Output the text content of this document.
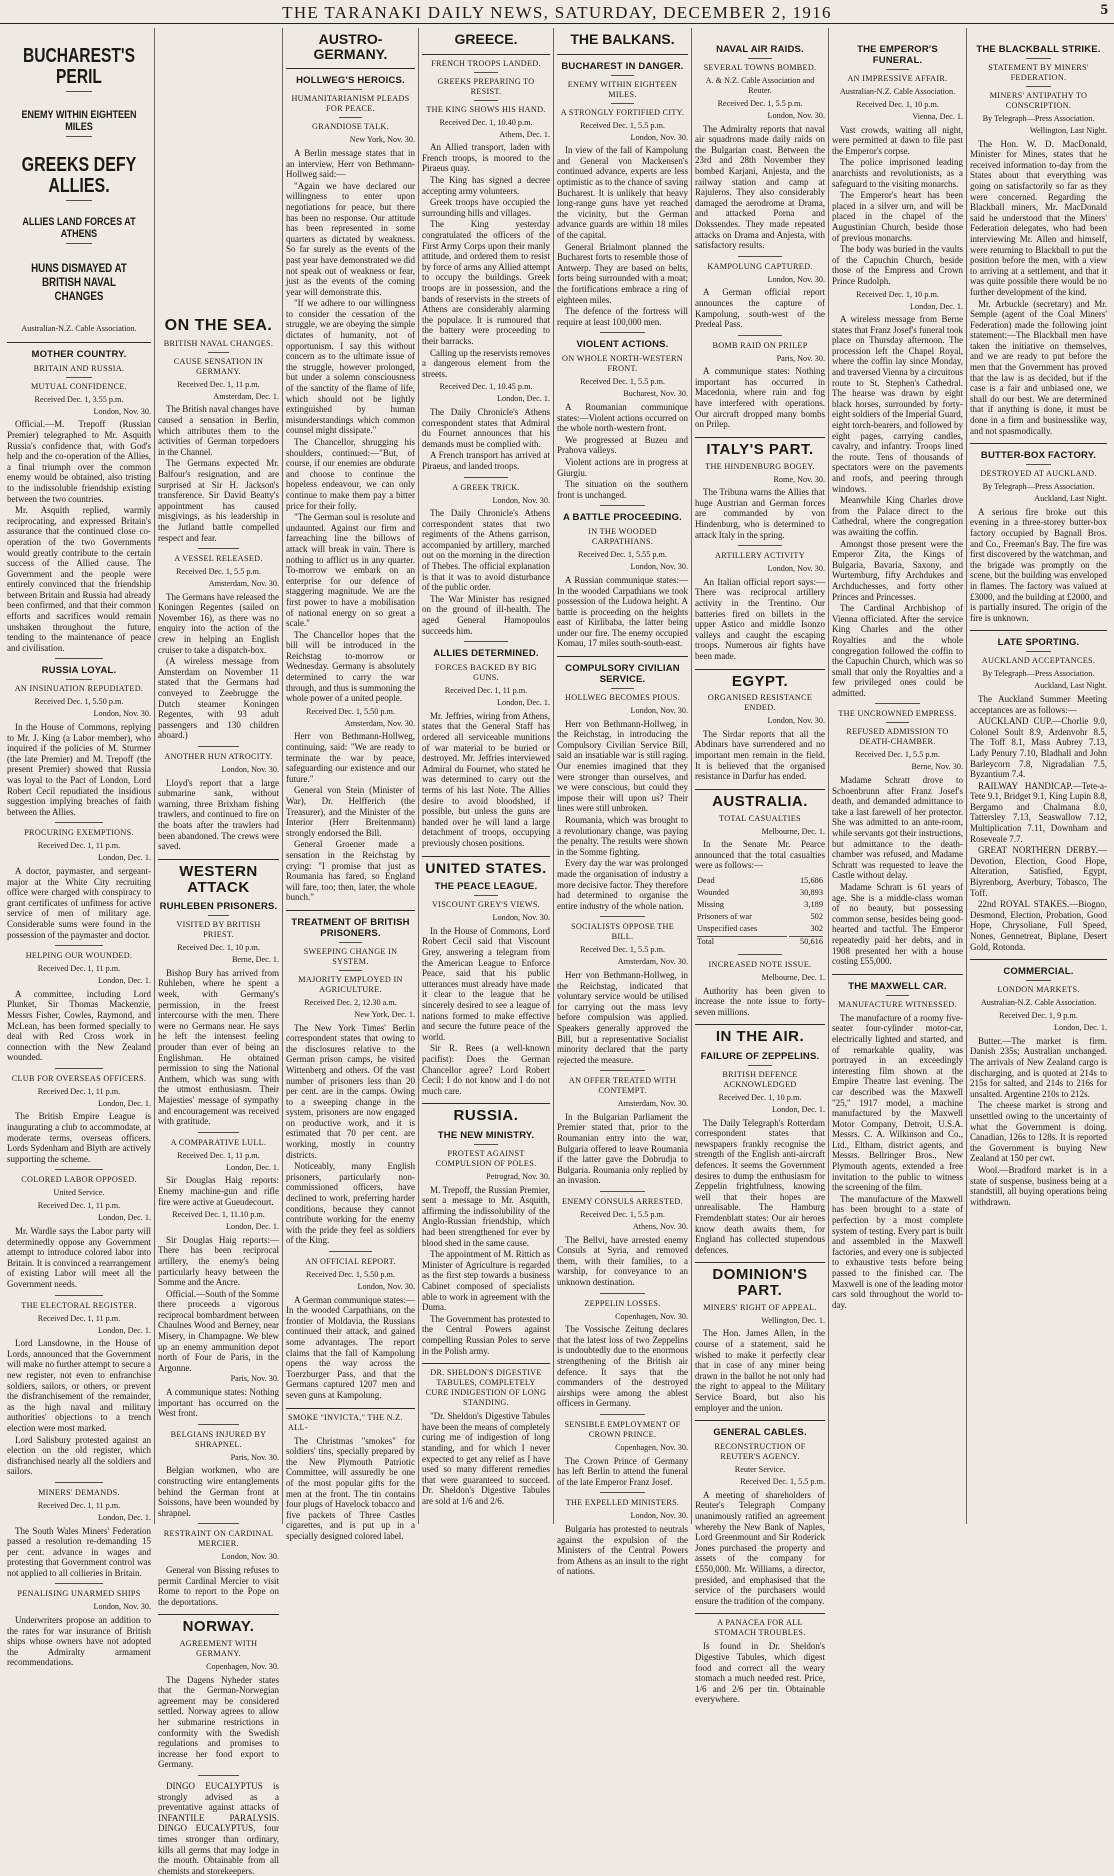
THE TARANAKI DAILY NEWS, SATURDAY, DECEMBER 2, 1916	5
BUCHAREST'S PERIL
ENEMY WITHIN EIGHTEEN MILES
GREEKS DEFY ALLIES.
ALLIES LAND FORCES AT ATHENS
HUNS DISMAYED AT BRITISH NAVAL CHANGES
Australian-N.Z. Cable Association.
MOTHER COUNTRY.
BRITAIN AND RUSSIA.
MUTUAL CONFIDENCE.
Received Dec. 1, 3.55 p.m.
London, Nov. 30.

Official.—M. Trepoff (Russian Premier) telegraphed to Mr. Asquith Russia's confidence that, with God's help and the co-operation of the Allies, a final triumph over the common enemy would be obtained, also tristing to the indissoluble friendship existing between the two countries.

Mr. Asquith replied, warmly reciprocating, and expressed Britain's assurance that the continued close co-operation of the two Governments would greatly contribute to the certain success of the Allied cause. The Government and the people were entirely convinced that the friendship between Britain and Russia had already been confirmed, and that their common efforts and sacrifices would remain unshaken throughout the future, tending to the maintenance of peace and civilisation.

RUSSIA LOYAL.
AN INSINUATION REPUDIATED.
Received Dec. 1, 5.50 p.m.
London, Nov. 30.

In the House of Commons, replying to Mr. J. King (a Labor member), who inquired if the policies of M. Sturmer (the late Premier) and M. Trepoff (the present Premier) showed that Russia was loyal to the Pact of London, Lord Robert Cecil repudiated the insidious suggestion implying breaches of faith between the Allies.

PROCURING EXEMPTIONS.
Received Dec. 1, 11 p.m.
London, Dec. 1.

A doctor, paymaster, and sergeant-major at the White City recruiting office were charged with conspiracy to grant certificates of unfitness for active service of men of military age. Considerable sums were found in the possession of the paymaster and doctor.

HELPING OUR WOUNDED.
Received Dec. 1, 11 p.m.
London, Dec. 1.

A committee, including Lord Plunket, Sir Thomas Mackenzie, Messrs Fisher, Cowles, Raymond, and McLean, has been formed specially to deal with Red Cross work in connection with the New Zealand wounded.

CLUB FOR OVERSEAS OFFICERS.
Received Dec. 1, 11 p.m.
London, Dec. 1.

The British Empire League is inaugurating a club to accommodate, at moderate terms, overseas officers. Lords Sydenham and Blyth are actively supporting the scheme.

COLORED LABOR OPPOSED.
United Service.
Received Dec. 1, 11 p.m.
London, Dec. 1.

Mr. Wardle says the Labor party will determinedly oppose any Government attempt to introduce colored labor into Britain. It is convinced a rearrangement of existing Labor will meet all the Government needs.

THE ELECTORAL REGISTER.
Received Dec. 1, 11 p.m.
London, Dec. 1.

Lord Lansdowne, in the House of Lords, announced that the Government will make no further attempt to secure a new register, not even to enfranchise soldiers, sailors, or others, or prevent the disfranchisement of the remainder, as the high naval and military authorities' objections to a trench election were most marked.

Lord Salisbury protested against an election on the old register, which disfranchised nearly all the soldiers and sailors.

MINERS' DEMANDS.
Received Dec. 1, 11 p.m.
London, Dec. 1.

The South Wales Miners' Federation passed a resolution re-demanding 15 per cent. advance in wages and protesting that Government control was not applied to all collieries in Britain.

PENALISING UNARMED SHIPS
London, Nov. 30.

Underwriters propose an addition to the rates for war insurance of British ships whose owners have not adopted the Admiralty armament recommendations.

ON THE SEA.
BRITISH NAVAL CHANGES.
CAUSE SENSATION IN GERMANY.
Received Dec. 1, 11 p.m.
Amsterdam, Dec. 1.

The British naval changes have caused a sensation in Berlin, which attributes them to the activities of German torpedoers in the Channel.

The Germans expected Mr. Balfour's resignation, and are surprised at Sir H. Jackson's transference. Sir David Beatty's appointment has caused misgivings, as his leadership in the Jutland battle compelled respect and fear.

A VESSEL RELEASED.
Received Dec. 1, 5.5 p.m.
Amsterdam, Nov. 30.

The Germans have released the Koningen Regentes (sailed on November 16), as there was no enquiry into the action of the crew in helping an English cruiser to take a dispatch-box.

(A wireless message from Amsterdam on November 11 stated that the Germans had conveyed to Zeebrugge the Dutch steamer Koningen Regentes, with 93 adult passengers and 130 children aboard.)

ANOTHER HUN ATROCITY.
London, Nov. 30.

Lloyd's report that a large submarine sank, without warning, three Brixham fishing trawlers, and continued to fire on the boats after the trawlers had been abandoned. The crews were saved.

WESTERN ATTACK
RUHLEBEN PRISONERS.
VISITED BY BRITISH PRIEST.
Received Dec. 1, 10 p.m.
Berne, Dec. 1.

Bishop Bury has arrived from Ruhleben, where he spent a week, with Germany's permission, in the freest intercourse with the men. There were no Germans near. He says he left the intensest feeling prouder than ever of being an Englishman. He obtained permission to sing the National Anthem, which was sung with the utmost enthusiasm. Their Majesties' message of sympathy and encouragement was received with gratitude.

A COMPARATIVE LULL.
Received Dec. 1, 11 p.m.
London, Dec. 1.

Sir Douglas Haig reports: Enemy machine-gun and rifle fire were active at Gueudecourt.

Received Dec. 1, 11.10 p.m.
London, Dec. 1.

Sir Douglas Haig reports:—There has been reciprocal artillery, the enemy's being particularly heavy between the Somme and the Ancre.

Official.—South of the Somme there proceeds a vigorous reciprocal bombardment between Chaulnes Wood and Berney, near Misery, in Champagne. We blew up an enemy ammunition depot north of Four de Paris, in the Argonne.

Paris, Nov. 30.

A communique states: Nothing important has occurred on the West front.

BELGIANS INJURED BY SHRAPNEL.
Paris, Nov. 30.

Belgian workmen, who are constructing wire entanglements behind the German front at Soissons, have been wounded by shrapnel.

RESTRAINT ON CARDINAL MERCIER.
London, Nov. 30.

General von Bissing refuses to permit Cardinal Mercier to visit Rome to report to the Pope on the deportations.

NORWAY.
AGREEMENT WITH GERMANY.
Copenhagen, Nov. 30.

The Dagens Nyheder states that the German-Norwegian agreement may be considered settled. Norway agrees to allow her submarine restrictions in conformity with the Swedish regulations and promises to increase her food export to Germany.

DINGO EUCALYPTUS is strongly advised as a preventative against attacks of INFANTILE PARALYSIS. DINGO EUCALYPTUS, four times stronger than ordinary, kills all germs that may lodge in the mouth. Obtainable from all chemists and storekeepers.

AUSTRO-GERMANY.
HOLLWEG'S HEROICS.
HUMANITARIANISM PLEADS FOR PEACE.
GRANDIOSE TALK.
New York, Nov. 30.

A Berlin message states that in an interview, Herr von Bethmann-Hollweg said:—

"Again we have declared our willingness to enter upon negotiations for peace, but there has been no response. Our attitude has been represented in some quarters as dictated by weakness. So far surely as the events of the past year have demonstrated we did not speak out of weakness or fear, just as the events of the coming year will demonstrate this.

"If we adhere to our willingness to consider the cessation of the struggle, we are obeying the simple dictates of humanity, not of opportunism. I say this without concern as to the ultimate issue of the struggle, however prolonged, but under a solemn consciousness of the sanctity of the flame of life, which should not be lightly extinguished by human misunderstandings which common counsel might dissipate."

The Chancellor, shrugging his shoulders, continued:—"But, of course, if our enemies are obdurate and choose to continue the hopeless endeavour, we can only continue to make them pay a bitter price for their folly.

"The German soul is resolute and undaunted. Against our firm and farreaching line the billows of attack will break in vain. There is nothing to afflict us in any quarter. To-morrow we embark on an enterprise for our defence of staggering magnitude. We are the first power to have a mobilisation of national energy on so great a scale."

The Chancellor hopes that the bill will be introduced in the Reichstag to-morrow or Wednesday. Germany is absolutely determined to carry the war through, and thus is summoning the whole power of a united people.

Received Dec. 1, 5.50 p.m.
Amsterdam, Nov. 30.

Herr von Bethmann-Hollweg, continuing, said: "We are ready to terminate the war by peace, safeguarding our existence and our future."

General von Stein (Minister of War), Dr. Helfferich (the Treasurer), and the Minister of the Interior (Herr Breitenmann) strongly endorsed the Bill.

General Groener made a sensation in the Reichstag by crying: "I promise that just as Roumania has fared, so England will fare, too; then, later, the whole bunch."

TREATMENT OF BRITISH PRISONERS.
SWEEPING CHANGE IN SYSTEM.
MAJORITY EMPLOYED IN AGRICULTURE.
Received Dec. 2, 12.30 a.m.
New York, Dec. 1.

The New York Times' Berlin correspondent states that owing to the disclosures relative to the German prison camps, he visited Wittenberg and others. Of the vast number of prisoners less than 20 per cent. are in the camps. Owing to a sweeping change in the system, prisoners are now engaged on productive work, and it is estimated that 70 per cent. are working, mostly in country districts.

Noticeably, many English prisoners, particularly non-commissioned officers, have declined to work, preferring harder conditions, because they cannot contribute working for the enemy with the pride they feel as soldiers of the King.

AN OFFICIAL REPORT.
Received Dec. 1, 5.50 p.m.
London, Nov. 30.

A German communique states:—In the wooded Carpathians, on the frontier of Moldavia, the Russians continued their attack, and gained some advantages. The report claims that the fall of Kampolung opens the way across the Toerzburger Pass, and that the Germans captured 1207 men and seven guns at Kampolung.

SMOKE "INVICTA," THE N.Z. ALL-

The Christmas "smokes" for soldiers' tins, specially prepared by the New Plymouth Patriotic Committee, will assuredly be one of the most popular gifts for the men at the front. The tin contains four plugs of Havelock tobacco and five packets of Three Castles cigarettes, and is put up in a specially designed colored label.

GREECE.
FRENCH TROOPS LANDED.
GREEKS PREPARING TO RESIST.
THE KING SHOWS HIS HAND.
Received Dec. 1, 10.40 p.m.
Athens, Dec. 1.

An Allied transport, laden with French troops, is moored to the Piraeus quay.

The King has signed a decree accepting army volunteers.

Greek troops have occupied the surrounding hills and villages.

The King yesterday congratulated the officers of the First Army Corps upon their manly attitude, and ordered them to resist by force of arms any Allied attempt to occupy the buildings. Greek troops are in possession, and the bands of reservists in the streets of Athens are considerably alarming the populace. It is rumoured that the battery were proceeding to their barracks.

Calling up the reservists removes a dangerous element from the streets.

Received Dec. 1, 10.45 p.m.
London, Dec. 1.

The Daily Chronicle's Athens correspondent states that Admiral du Fournet announces that his demands must be complied with.

A French transport has arrived at Piraeus, and landed troops.

A GREEK TRICK.
London, Nov. 30.

The Daily Chronicle's Athens correspondent states that two regiments of the Athens garrison, accompanied by artillery, marched out on the morning in the direction of Thebes. The official explanation is that it was to avoid disturbance of the public order.

The War Minister has resigned on the ground of ill-health. The aged General Hamopoulos succeeds him.

ALLIES DETERMINED.
FORCES BACKED BY BIG GUNS.
Received Dec. 1, 11 p.m.
London, Dec. 1.

Mr. Jeffries, wiring from Athens, states that the General Staff has ordered all serviceable munitions of war material to be buried or destroyed. Mr. Jeffries interviewed Admiral du Fournet, who stated he was determined to carry out the terms of his last Note. The Allies desire to avoid bloodshed, if possible, but unless the guns are handed over he will land a large detachment of troops, occupying previously chosen positions.

UNITED STATES.
THE PEACE LEAGUE.
VISCOUNT GREY'S VIEWS.
London, Nov. 30.

In the House of Commons, Lord Robert Cecil said that Viscount Grey, answering a telegram from the American League to Enforce Peace, said that his public utterances must already have made it clear to the league that he sincerely desired to see a league of nations formed to make effective and secure the future peace of the world.

Sir R. Rees (a well-known pacifist): Does the German Chancellor agree? Lord Robert Cecil: I do not know and I do not much care.

RUSSIA.
THE NEW MINISTRY.
PROTEST AGAINST COMPULSION OF POLES.
Petrograd, Nov. 30.

M. Trepoff, the Russian Premier, sent a message to Mr. Asquith, affirming the indissolubility of the Anglo-Russian friendship, which had been strengthened for ever by blood shed in the same cause.

The appointment of M. Rittich as Minister of Agriculture is regarded as the first step towards a business Cabinet composed of specialists able to work in agreement with the Duma.

The Government has protested to the Central Powers against compelling Russian Poles to serve in the Polish army.

DR. SHELDON'S DIGESTIVE TABULES, COMPLETELY CURE INDIGESTION OF LONG STANDING.

"Dr. Sheldon's Digestive Tabules have been the means of completely curing me of indigestion of long standing, and for which I never expected to get any relief as I have used so many different remedies that were guaranteed to succeed. Dr. Sheldon's Digestive Tabules are sold at 1/6 and 2/6.

THE BALKANS.
BUCHAREST IN DANGER.
ENEMY WITHIN EIGHTEEN MILES.
A STRONGLY FORTIFIED CITY.
Received Dec. 1, 5.5 p.m.
London, Nov. 30.

In view of the fall of Kampolung and General von Mackensen's continued advance, experts are less optimistic as to the chance of saving Bucharest. It is unlikely that heavy long-range guns have yet reached the vicinity, but the German advance guards are within 18 miles of the capital.

General Brialmont planned the Bucharest forts to resemble those of Antwerp. They are based on belts, forts being surrounded with a moat; the fortifications embrace a ring of eighteen miles.

The defence of the fortress will require at least 100,000 men.

VIOLENT ACTIONS.
ON WHOLE NORTH-WESTERN FRONT.
Received Dec. 1, 5.5 p.m.
Bucharest, Nov. 30.

A Roumanian communique states:—Violent actions occurred on the whole north-western front.

We progressed at Buzeu and Prahova valleys.

Violent actions are in progress at Giurgiu.

The situation on the southern front is unchanged.

A BATTLE PROCEEDING.
IN THE WOODED CARPATHIANS.
Received Dec. 1, 5.55 p.m.
London, Nov. 30.

A Russian communique states:—In the wooded Carpathians we took possession of the Ludowa height. A battle is proceeding on the heights east of Kirlibaba, the latter being under our fire. The enemy occupied Komau, 17 miles south-south-east.

COMPULSORY CIVILIAN SERVICE.
HOLLWEG BECOMES PIOUS.
London, Nov. 30.

Herr von Bethmann-Hollweg, in the Reichstag, in introducing the Compulsory Civilian Service Bill, said an insatiable war is still raging. Our enemies imagined that they were stronger than ourselves, and we were conscious, but could they impose their will upon us? Their lines were still unbroken.

Roumania, which was brought to a revolutionary change, was paying the penalty. The results were shown in the Somme fighting.

Every day the war was prolonged made the organisation of industry a more decisive factor. They therefore had determined to organise the entire industry of the whole nation.

SOCIALISTS OPPOSE THE BILL.
Received Dec. 1, 5.5 p.m.
Amsterdam, Nov. 30.

Herr von Bethmann-Hollweg, in the Reichstag, indicated that voluntary service would be utilised for carrying out the mass levy before compulsion was applied. Speakers generally approved the Bill, but a representative Socialist minority declared that the party rejected the measure.

AN OFFER TREATED WITH CONTEMPT.
Amsterdam, Nov. 30.

In the Bulgarian Parliament the Premier stated that, prior to the Roumanian entry into the war, Bulgaria offered to leave Roumania if the latter gave the Dobrudja to Bulgaria. Roumania only replied by an invasion.

ENEMY CONSULS ARRESTED.
Received Dec. 1, 5.5 p.m.
Athens, Nov. 30.

The Bellvi, have arrested enemy Consuls at Syria, and removed them, with their families, to a warship, for conveyance to an unknown destination.

ZEPPELIN LOSSES.
Copenhagen, Nov. 30.

The Vossische Zeitung declares that the latest loss of two Zeppelins is undoubtedly due to the enormous strengthening of the British air defence. It says that the commanders of the destroyed airships were among the ablest officers in Germany.

SENSIBLE EMPLOYMENT OF CROWN PRINCE.
Copenhagen, Nov. 30.

The Crown Prince of Germany has left Berlin to attend the funeral of the late Emperor Franz Josef.

THE EXPELLED MINISTERS.
London, Nov. 30.

Bulgaria has protested to neutrals against the expulsion of the Ministers of the Central Powers from Athens as an insult to the right of nations.

NAVAL AIR RAIDS.
SEVERAL TOWNS BOMBED.
A. & N.Z. Cable Association and Reuter.
Received Dec. 1, 5.5 p.m.
London, Nov. 30.

The Admiralty reports that naval air squadrons made daily raids on the Bulgarian coast. Between the 23rd and 28th November they bombed Karjani, Anjesta, and the railway station and camp at Rajuleros. They also considerably damaged the aerodrome at Drama, and attacked Porna and Dokssendes. They made repeated attacks on Drama and Anjesta, with satisfactory results.

KAMPOLUNG CAPTURED.
London, Nov. 30.

A German official report announces the capture of Kampolung, south-west of the Predeal Pass.

BOMB RAID ON PRILEP
Paris, Nov. 30.

A communique states: Nothing important has occurred in Macedonia, where rain and fog have interfered with operations. Our aircraft dropped many bombs on Prilep.

ITALY'S PART.
THE HINDENBURG BOGEY.
Rome, Nov. 30.

The Tribuna warns the Allies that huge Austrian and German forces are commanded by von Hindenburg, who is determined to attack Italy in the spring.

ARTILLERY ACTIVITY
London, Nov. 30.

An Italian official report says:—There was reciprocal artillery activity in the Trentino. Our batteries fired on billets in the upper Astico and middle Isonzo valleys and caught the escaping troops. Numerous air fights have been made.

EGYPT.
ORGANISED RESISTANCE ENDED.
London, Nov. 30.

The Sirdar reports that all the Abdinars have surrendered and no important men remain in the field. It is believed that the organised resistance in Darfur has ended.

AUSTRALIA.
TOTAL CASUALTIES
Melbourne, Dec. 1.

In the Senate Mr. Pearce announced that the total casualties were as follows:—

Dead	15,686
Wounded	30,893
Missing	3,189
Prisoners of war	502
Unspecified cases	302
Total	50,616
INCREASED NOTE ISSUE.
Melbourne, Dec. 1.

Authority has been given to increase the note issue to forty-seven millions.

IN THE AIR.
FAILURE OF ZEPPELINS.
BRITISH DEFENCE ACKNOWLEDGED
Received Dec. 1, 10 p.m.
London, Dec. 1.

The Daily Telegraph's Rotterdam correspondent states that newspapers frankly recognise the strength of the English anti-aircraft defences. It seems the Government desires to dump the enthusiasm for Zeppelin frightfulness, knowing well that their hopes are unrealisable. The Hamburg Fremdenblatt states: Our air heroes know death awaits them, for England has collected stupendous defences.

DOMINION'S PART.
MINERS' RIGHT OF APPEAL.
Wellington, Dec. 1.

The Hon. James Allen, in the course of a statement, said he wished to make it perfectly clear that in case of any miner being drawn in the ballot he not only had the right to appeal to the Military Service Board, but also his employer and the union.

GENERAL CABLES.
RECONSTRUCTION OF REUTER'S AGENCY.
Reuter Service.
Received Dec. 1, 5.5 p.m.

A meeting of shareholders of Reuter's Telegraph Company unanimously ratified an agreement whereby the New Bank of Naples, Lord Greenmount and Sir Roderick Jones purchased the property and assets of the company for £550,000. Mr. Williams, a director, presided, and emphasised that the service of the purchasers would ensure the tradition of the company.

A PANACEA FOR ALL STOMACH TROUBLES.

Is found in Dr. Sheldon's Digestive Tabules, which digest food and correct all the weary stomach a much needed rest. Price, 1/6 and 2/6 per tin. Obtainable everywhere.

THE EMPEROR'S FUNERAL.
AN IMPRESSIVE AFFAIR.
Australian-N.Z. Cable Association.
Received Dec. 1, 10 p.m.
Vienna, Dec. 1.

Vast crowds, waiting all night, were permitted at dawn to file past the Emperor's corpse.

The police imprisoned leading anarchists and revolutionists, as a safeguard to the visiting monarchs.

The Emperor's heart has been placed in a silver urn, and will be placed in the chapel of the Augustinian Church, beside those of previous monarchs.

The body was buried in the vaults of the Capuchin Church, beside those of the Empress and Crown Prince Rudolph.

Received Dec. 1, 10 p.m.
London, Dec. 1.

A wireless message from Berne states that Franz Josef's funeral took place on Thursday afternoon. The procession left the Chapel Royal, where the coffin lay since Monday, and traversed Vienna by a circuitous route to St. Stephen's Cathedral. The hearse was drawn by eight black horses, surrounded by forty-eight soldiers of the Imperial Guard, eight torch-bearers, and followed by eight pages, carrying candles, cavalry, and infantry. Troops lined the route. Tens of thousands of spectators were on the pavements and roofs, and peering through windows.

Meanwhile King Charles drove from the Palace direct to the Cathedral, where the congregation was awaiting the coffin.

Amongst those present were the Emperor Zita, the Kings of Bulgaria, Bavaria, Saxony, and Wurtemburg, fifty Archdukes and Archduchesses, and forty other Princes and Princesses.

The Cardinal Archbishop of Vienna officiated. After the service King Charles and the other Royalties and the whole congregation followed the coffin to the Capuchin Church, which was so small that only the Royalties and a few privileged ones could be admitted.

THE UNCROWNED EMPRESS.
REFUSED ADMISSION TO DEATH-CHAMBER.
Received Dec. 1, 5.5 p.m.
Berne, Nov. 30.

Madame Schratt drove to Schoenbrunn after Franz Josef's death, and demanded admittance to take a last farewell of her protector. She was admitted to an ante-room, while servants got their instructions, but admittance to the death-chamber was refused, and Madame Schratt was requested to leave the Castle without delay.

Madame Schratt is 61 years of age. She is a middle-class woman of no beauty, but possessing common sense, besides being good-hearted and tactful. The Emperor repeatedly paid her debts, and in 1908 presented her with a house costing £55,000.

THE MAXWELL CAR.
MANUFACTURE WITNESSED.

The manufacture of a roomy five-seater four-cylinder motor-car, electrically lighted and started, and of remarkable quality, was portrayed in an exceedingly interesting film shown at the Empire Theatre last evening. The car described was the Maxwell "25," 1917 model, a machine manufactured by the Maxwell Motor Company, Detroit, U.S.A. Messrs. C. A. Wilkinson and Co., Ltd., Eltham, district agents, and Messrs. Bellringer Bros., New Plymouth agents, extended a free invitation to the public to witness the screening of the film.

The manufacture of the Maxwell has been brought to a state of perfection by a most complete system of testing. Every part is built and assembled in the Maxwell factories, and every one is subjected to exhaustive tests before being passed to the finished car. The Maxwell is one of the leading motor cars sold throughout the world to-day.

THE BLACKBALL STRIKE.
STATEMENT BY MINERS' FEDERATION.
MINERS' ANTIPATHY TO CONSCRIPTION.
By Telegraph—Press Association.
Wellington, Last Night.

The Hon. W. D. MacDonald, Minister for Mines, states that he received information to-day from the States about that everything was going on satisfactorily so far as they were concerned. Regarding the Blackball miners, Mr. MacDonald said he understood that the Miners' Federation delegates, who had been interviewing Mr. Allen and himself, were returning to Blackball to put the position before the men, with a view to arriving at a settlement, and that it was quite possible there would be no further development of the kind.

Mr. Arbuckle (secretary) and Mr. Semple (agent of the Coal Miners' Federation) made the following joint statement:—The Blackball men have taken the initiative on themselves, and we are ready to put before the men that the Government has proved that the law is as decided, but if the case is a fair and unbiased one, we shall do our best. We are determined that if anything is done, it must be done in a firm and businesslike way, and not spasmodically.

BUTTER-BOX FACTORY.
DESTROYED AT AUCKLAND.
By Telegraph—Press Association.
Auckland, Last Night.

A serious fire broke out this evening in a three-storey butter-box factory occupied by Bagnall Bros. and Co., Freeman's Bay. The fire was first discovered by the watchman, and the brigade was promptly on the scene, but the building was enveloped in flames. The factory was valued at £3000, and the building at £2000, and is partially insured. The origin of the fire is unknown.

LATE SPORTING.
AUCKLAND ACCEPTANCES.
By Telegraph—Press Association.
Auckland, Last Night.

The Auckland Summer Meeting acceptances are as follows:—

AUCKLAND CUP.—Chorlie 9.0, Colonel Soult 8.9, Ardenvohr 8.5, The Toff 8.1, Mass Aubrey 7.13, Lady Penury 7.10, Bladhall and John Barleycorn 7.8, Nigradalian 7.5, Byzantium 7.4.

RAILWAY HANDICAP.—Tete-a-Tete 9.1, Bridget 9.1, King Lupin 8.8, Bergamo and Chalmana 8.0, Tattersley 7.13, Seaswallow 7.12, Multiplication 7.11, Downham and Roseveale 7.7.

GREAT NORTHERN DERBY.—Devotion, Election, Good Hope, Alteration, Satisfied, Egypt, Biyrenborg, Averbury, Tobasco, The Toff.

22nd ROYAL STAKES.—Biogno, Desmond, Election, Probation, Good Hope, Chrysoliane, Full Speed, Nones, Gennetreat, Biplane, Desert Gold, Rotonda.

COMMERCIAL.
LONDON MARKETS.
Australian-N.Z. Cable Association.
Received Dec. 1, 9 p.m.
London, Dec. 1.

Butter.—The market is firm. Danish 235s; Australian unchanged. The arrivals of New Zealand cargo is discharging, and is quoted at 214s to 215s for salted, and 214s to 216s for unsalted. Argentine 210s to 212s.

The cheese market is strong and unsettled owing to the uncertainty of what the Government is doing. Canadian, 126s to 128s. It is reported the Government is buying New Zealand at 150 per cwt.

Wool.—Bradford market is in a state of suspense, business being at a standstill, all buying operations being withdrawn.
